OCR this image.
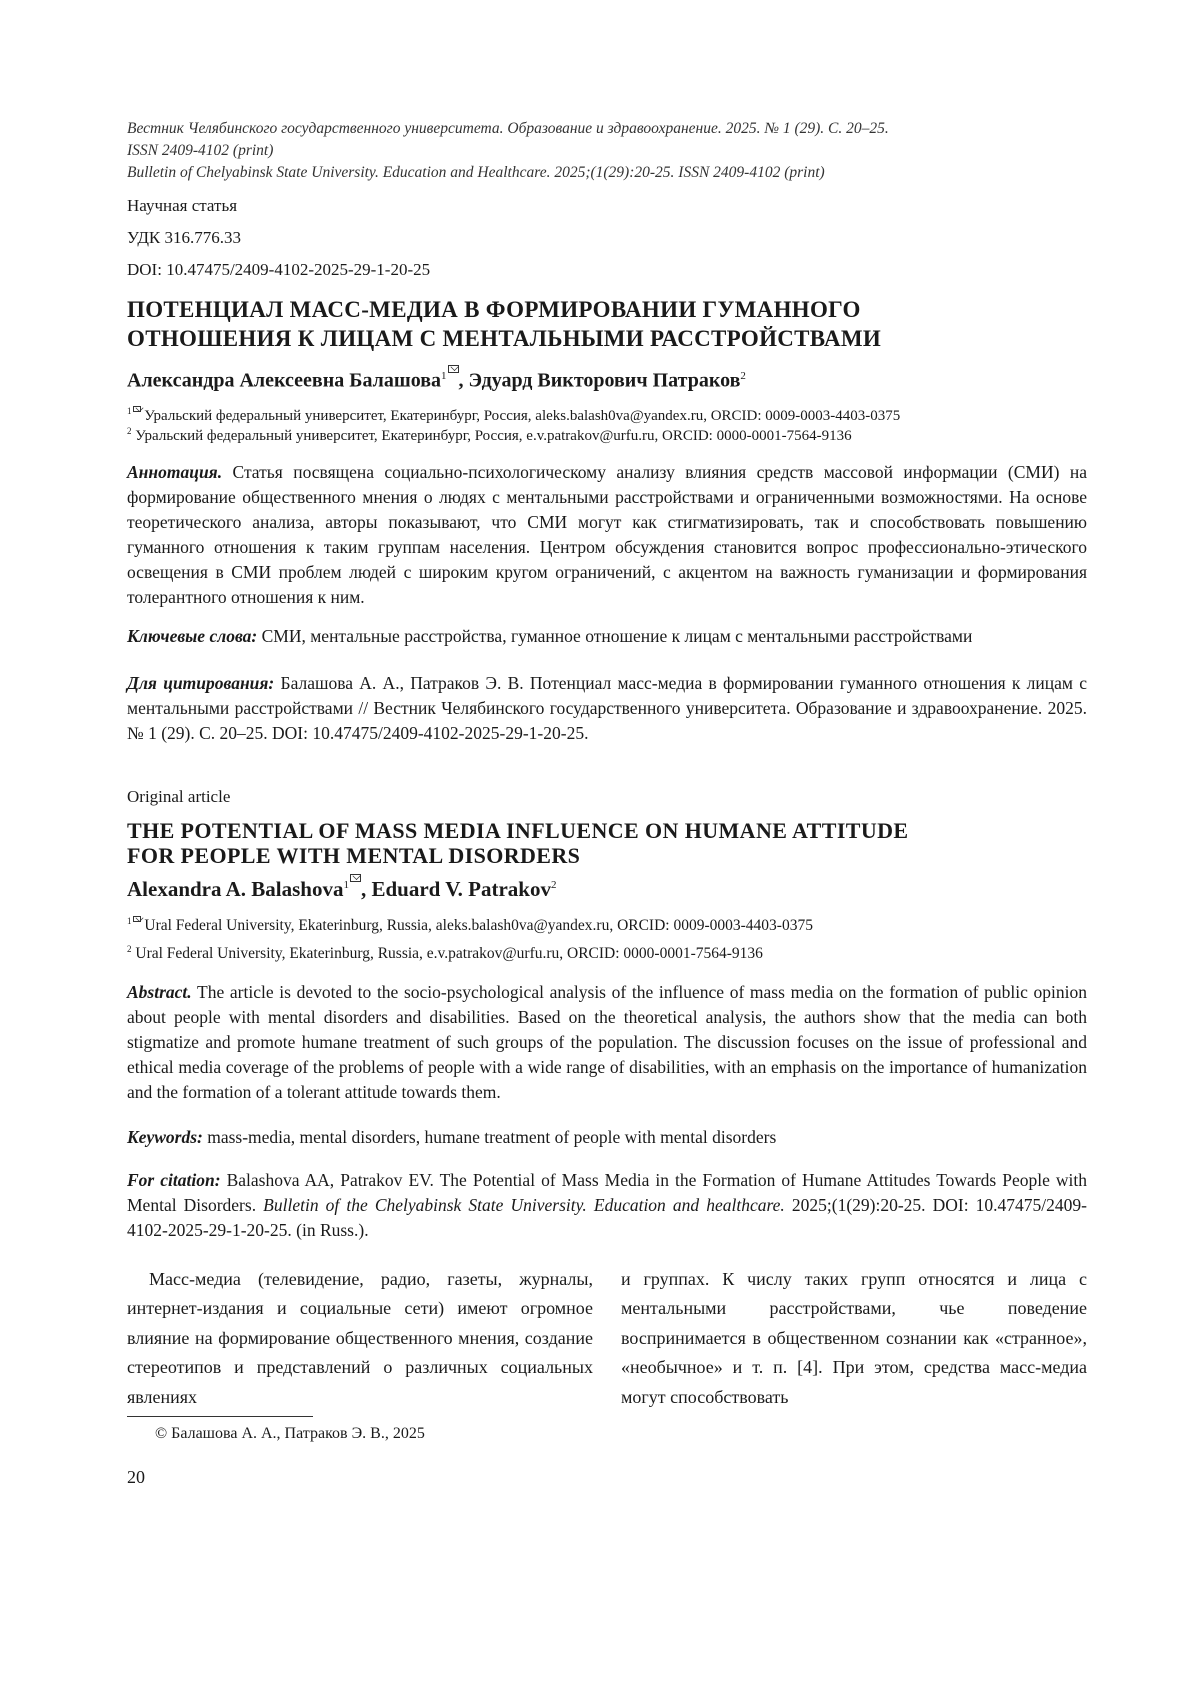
Вестник Челябинского государственного университета. Образование и здравоохранение. 2025. № 1 (29). С. 20–25.
ISSN 2409-4102 (print)
Bulletin of Chelyabinsk State University. Education and Healthcare. 2025;(1(29):20-25. ISSN 2409-4102 (print)

Научная статья

УДК 316.776.33

DOI: 10.47475/2409-4102-2025-29-1-20-25

ПОТЕНЦИАЛ МАСС-МЕДИА В ФОРМИРОВАНИИ ГУМАННОГО
ОТНОШЕНИЯ К ЛИЦАМ С МЕНТАЛЬНЫМИ РАССТРОЙСТВАМИ
Александра Алексеевна Балашова$^1$ , Эдуард Викторович Патраков$^2$
$^1$ Уральский федеральный университет, Екатеринбург, Россия, aleks.balash0va@yandex.ru, ORCID: 0009-0003-4403-0375
$^2$ Уральский федеральный университет, Екатеринбург, Россия, e.v.patrakov@urfu.ru, ORCID: 0000-0001-7564-9136
Аннотация. Статья посвящена социально-психологическому анализу влияния средств массовой информации (СМИ) на формирование общественного мнения о людях с ментальными расстройствами и ограниченными возможностями. На основе теоретического анализа, авторы показывают, что СМИ могут как стигматизировать, так и способствовать повышению гуманного отношения к таким группам населения. Центром обсуждения становится вопрос профессионально-этического освещения в СМИ проблем людей с широким кругом ограничений, с акцентом на важность гуманизации и формирования толерантного отношения к ним.
Ключевые слова: СМИ, ментальные расстройства, гуманное отношение к лицам с ментальными расстройствами
Для цитирования: Балашова А. А., Патраков Э. В. Потенциал масс-медиа в формировании гуманного отношения к лицам с ментальными расстройствами // Вестник Челябинского государственного университета. Образование и здравоохранение. 2025. № 1 (29). С. 20–25. DOI: 10.47475/2409-4102-2025-29-1-20-25.
Original article
THE POTENTIAL OF MASS MEDIA INFLUENCE ON HUMANE ATTITUDE
FOR PEOPLE WITH MENTAL DISORDERS
Alexandra A. Balashova$^1$ , Eduard V. Patrakov$^2$

$^1$ Ural Federal University, Ekaterinburg, Russia, aleks.balash0va@yandex.ru, ORCID: 0009-0003-4403-0375

$^2$ Ural Federal University, Ekaterinburg, Russia, e.v.patrakov@urfu.ru, ORCID: 0000-0001-7564-9136

Abstract. The article is devoted to the socio-psychological analysis of the influence of mass media on the formation of public opinion about people with mental disorders and disabilities. Based on the theoretical analysis, the authors show that the media can both stigmatize and promote humane treatment of such groups of the population. The discussion focuses on the issue of professional and ethical media coverage of the problems of people with a wide range of disabilities, with an emphasis on the importance of humanization and the formation of a tolerant attitude towards them.
Keywords: mass-media, mental disorders, humane treatment of people with mental disorders
For citation: Balashova AA, Patrakov EV. The Potential of Mass Media in the Formation of Humane Attitudes Towards People with Mental Disorders. Bulletin of the Chelyabinsk State University. Education and healthcare. 2025;(1(29):20-25. DOI: 10.47475/2409-4102-2025-29-1-20-25. (in Russ.).
Масс-медиа (телевидение, радио, газеты, журналы, интернет-издания и социальные сети) имеют огромное влияние на формирование общественного мнения, создание стереотипов и представлений о различных социальных явлениях
и группах. К числу таких групп относятся и лица с ментальными расстройствами, чье поведение воспринимается в общественном сознании как «странное», «необычное» и т. п. [4]. При этом, средства масс-медиа могут способствовать
© Балашова А. А., Патраков Э. В., 2025
20
